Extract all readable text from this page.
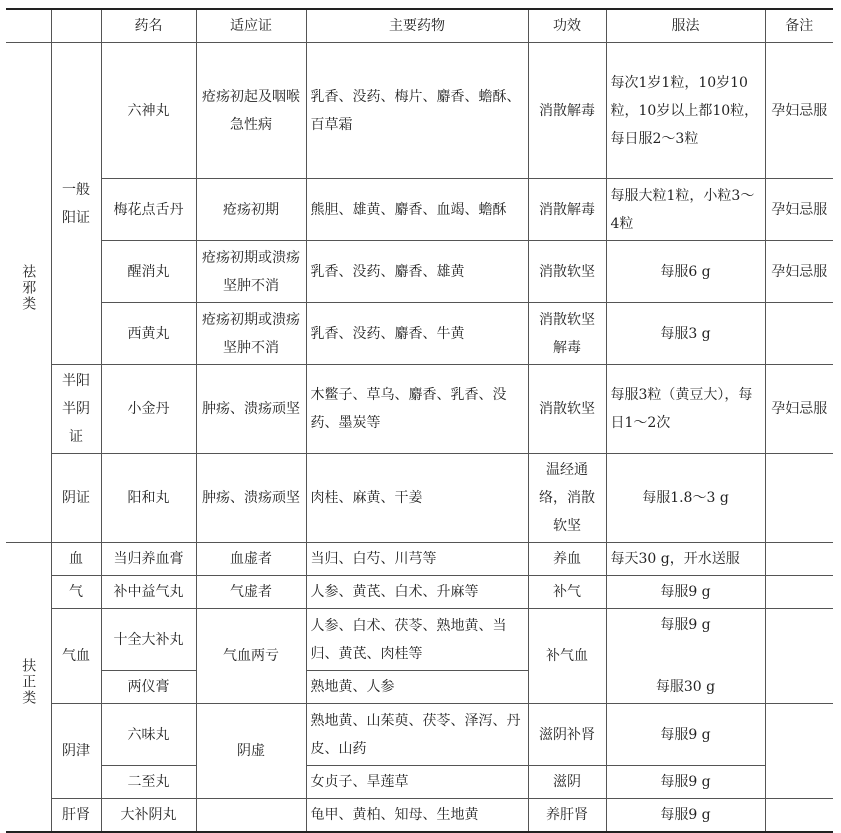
		药名	适应证	主要药物	功效	服法	备注
祛邪类	一般阳证	六神丸	疮疡初起及咽喉急性病	乳香、没药、梅片、麝香、蟾酥、百草霜	消散解毒	每次1岁1粒，10岁10粒，10岁以上都10粒，每日服2～3粒	孕妇忌服
		梅花点舌丹	疮疡初期	熊胆、雄黄、麝香、血竭、蟾酥	消散解毒	每服大粒1粒，小粒3～4粒	孕妇忌服
		醒消丸	疮疡初期或溃疡坚肿不消	乳香、没药、麝香、雄黄	消散软坚	每服6 g	孕妇忌服
		西黄丸	疮疡初期或溃疡坚肿不消	乳香、没药、麝香、牛黄	消散软坚解毒	每服3 g	
	半阳半阴证	小金丹	肿疡、溃疡顽坚	木鳖子、草乌、麝香、乳香、没药、墨炭等	消散软坚	每服3粒（黄豆大），每日1～2次	孕妇忌服
	阴证	阳和丸	肿疡、溃疡顽坚	肉桂、麻黄、干姜	温经通络，消散软坚	每服1.8～3 g	
扶正类	血	当归养血膏	血虚者	当归、白芍、川芎等	养血	每天30 g，开水送服	
	气	补中益气丸	气虚者	人参、黄芪、白术、升麻等	补气	每服9 g	
	气血	十全大补丸	气血两亏	人参、白术、茯苓、熟地黄、当归、黄芪、肉桂等	补气血	每服9 g	
		两仪膏		熟地黄、人参		每服30 g	
	阴津	六味丸	阴虚	熟地黄、山茱萸、茯苓、泽泻、丹皮、山药	滋阴补肾	每服9 g	
		二至丸		女贞子、旱莲草	滋阴	每服9 g	
	肝肾	大补阴丸		龟甲、黄柏、知母、生地黄	养肝肾	每服9 g	
